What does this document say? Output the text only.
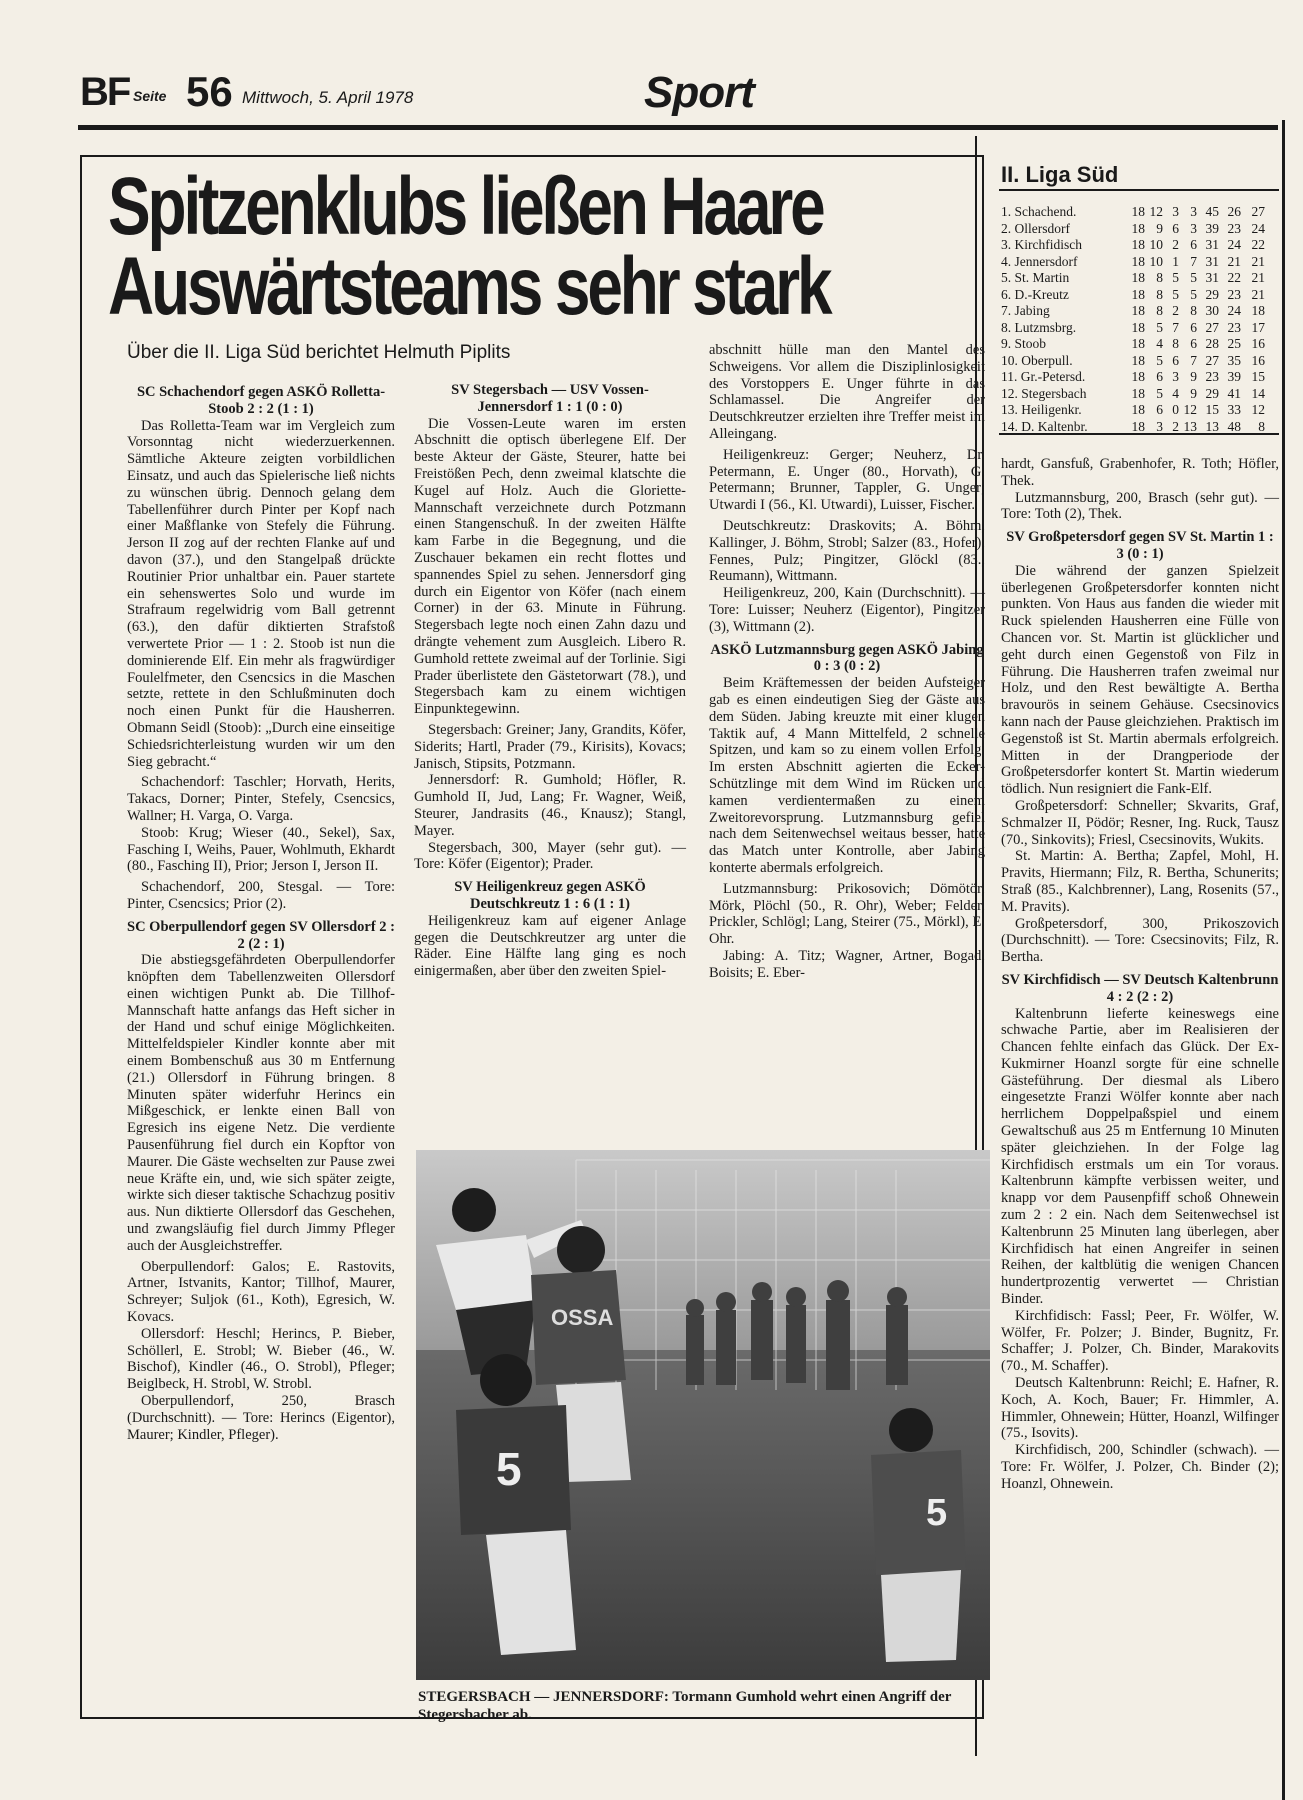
BF Seite 56 Mittwoch, 5. April 1978	Sport
Spitzenklubs ließen Haare
Auswärtsteams sehr stark
Über die II. Liga Süd berichtet Helmuth Piplits

SC Schachendorf gegen ASKÖ Rolletta-Stoob 2 : 2 (1 : 1)

Das Rolletta-Team war im Vergleich zum Vorsonntag nicht wiederzuerkennen. Sämtliche Akteure zeigten vorbildlichen Einsatz, und auch das Spielerische ließ nichts zu wünschen übrig. Dennoch gelang dem Tabellenführer durch Pinter per Kopf nach einer Maßflanke von Stefely die Führung. Jerson II zog auf der rechten Flanke auf und davon (37.), und den Stangelpaß drückte Routinier Prior unhaltbar ein. Pauer startete ein sehenswertes Solo und wurde im Strafraum regelwidrig vom Ball getrennt (63.), den dafür diktierten Strafstoß verwertete Prior — 1 : 2. Stoob ist nun die dominierende Elf. Ein mehr als fragwürdiger Foulelfmeter, den Csencsics in die Maschen setzte, rettete in den Schlußminuten doch noch einen Punkt für die Hausherren. Obmann Seidl (Stoob): „Durch eine einseitige Schiedsrichterleistung wurden wir um den Sieg gebracht.“

Schachendorf: Taschler; Horvath, Herits, Takacs, Dorner; Pinter, Stefely, Csencsics, Wallner; H. Varga, O. Varga.

Stoob: Krug; Wieser (40., Sekel), Sax, Fasching I, Weihs, Pauer, Wohlmuth, Ekhardt (80., Fasching II), Prior; Jerson I, Jerson II.

Schachendorf, 200, Stesgal. — Tore: Pinter, Csencsics; Prior (2).

SC Oberpullendorf gegen SV Ollersdorf 2 : 2 (2 : 1)

Die abstiegsgefährdeten Oberpullendorfer knöpften dem Tabellenzweiten Ollersdorf einen wichtigen Punkt ab. Die Tillhof-Mannschaft hatte anfangs das Heft sicher in der Hand und schuf einige Möglichkeiten. Mittelfeldspieler Kindler konnte aber mit einem Bombenschuß aus 30 m Entfernung (21.) Ollersdorf in Führung bringen. 8 Minuten später widerfuhr Herincs ein Mißgeschick, er lenkte einen Ball von Egresich ins eigene Netz. Die verdiente Pausenführung fiel durch ein Kopftor von Maurer. Die Gäste wechselten zur Pause zwei neue Kräfte ein, und, wie sich später zeigte, wirkte sich dieser taktische Schachzug positiv aus. Nun diktierte Ollersdorf das Geschehen, und zwangsläufig fiel durch Jimmy Pfleger auch der Ausgleichstreffer.

Oberpullendorf: Galos; E. Rastovits, Artner, Istvanits, Kantor; Tillhof, Maurer, Schreyer; Suljok (61., Koth), Egresich, W. Kovacs.

Ollersdorf: Heschl; Herincs, P. Bieber, Schöllerl, E. Strobl; W. Bieber (46., W. Bischof), Kindler (46., O. Strobl), Pfleger; Beiglbeck, H. Strobl, W. Strobl.

Oberpullendorf, 250, Brasch (Durchschnitt). — Tore: Herincs (Eigentor), Maurer; Kindler, Pfleger).

SV Stegersbach — USV Vossen-Jennersdorf 1 : 1 (0 : 0)

Die Vossen-Leute waren im ersten Abschnitt die optisch überlegene Elf. Der beste Akteur der Gäste, Steurer, hatte bei Freistößen Pech, denn zweimal klatschte die Kugel auf Holz. Auch die Gloriette-Mannschaft verzeichnete durch Potzmann einen Stangenschuß. In der zweiten Hälfte kam Farbe in die Begegnung, und die Zuschauer bekamen ein recht flottes und spannendes Spiel zu sehen. Jennersdorf ging durch ein Eigentor von Köfer (nach einem Corner) in der 63. Minute in Führung. Stegersbach legte noch einen Zahn dazu und drängte vehement zum Ausgleich. Libero R. Gumhold rettete zweimal auf der Torlinie. Sigi Prader überlistete den Gästetorwart (78.), und Stegersbach kam zu einem wichtigen Einpunktegewinn.

Stegersbach: Greiner; Jany, Grandits, Köfer, Siderits; Hartl, Prader (79., Kirisits), Kovacs; Janisch, Stipsits, Potzmann.

Jennersdorf: R. Gumhold; Höfler, R. Gumhold II, Jud, Lang; Fr. Wagner, Weiß, Steurer, Jandrasits (46., Knausz); Stangl, Mayer.

Stegersbach, 300, Mayer (sehr gut). — Tore: Köfer (Eigentor); Prader.

SV Heiligenkreuz gegen ASKÖ Deutschkreutz 1 : 6 (1 : 1)

Heiligenkreuz kam auf eigener Anlage gegen die Deutschkreutzer arg unter die Räder. Eine Hälfte lang ging es noch einigermaßen, aber über den zweiten Spiel-

abschnitt hülle man den Mantel des Schweigens. Vor allem die Disziplinlosigkeit des Vorstoppers E. Unger führte in das Schlamassel. Die Angreifer der Deutschkreutzer erzielten ihre Treffer meist im Alleingang.

Heiligenkreuz: Gerger; Neuherz, Dr. Petermann, E. Unger (80., Horvath), G. Petermann; Brunner, Tappler, G. Unger; Utwardi I (56., Kl. Utwardi), Luisser, Fischer.

Deutschkreutz: Draskovits; A. Böhm, Kallinger, J. Böhm, Strobl; Salzer (83., Hofer), Fennes, Pulz; Pingitzer, Glöckl (83., Reumann), Wittmann.

Heiligenkreuz, 200, Kain (Durchschnitt). — Tore: Luisser; Neuherz (Eigentor), Pingitzer (3), Wittmann (2).

ASKÖ Lutzmannsburg gegen ASKÖ Jabing 0 : 3 (0 : 2)

Beim Kräftemessen der beiden Aufsteiger gab es einen eindeutigen Sieg der Gäste aus dem Süden. Jabing kreuzte mit einer klugen Taktik auf, 4 Mann Mittelfeld, 2 schnelle Spitzen, und kam so zu einem vollen Erfolg. Im ersten Abschnitt agierten die Ecker-Schützlinge mit dem Wind im Rücken und kamen verdientermaßen zu einem Zweitorevorsprung. Lutzmannsburg gefiel nach dem Seitenwechsel weitaus besser, hatte das Match unter Kontrolle, aber Jabing konterte abermals erfolgreich.

Lutzmannsburg: Prikosovich; Dömötör, Mörk, Plöchl (50., R. Ohr), Weber; Felder, Prickler, Schlögl; Lang, Steirer (75., Mörkl), E. Ohr.

Jabing: A. Titz; Wagner, Artner, Bogad, Boisits; E. Eber-

II. Liga Süd
1. Schachend.	18 12 3 3 45 26 27
2. Ollersdorf	18 9 6 3 39 23 24
3. Kirchfidisch	18 10 2 6 31 24 22
4. Jennersdorf	18 10 1 7 31 21 21
5. St. Martin	18 8 5 5 31 22 21
6. D.-Kreutz	18 8 5 5 29 23 21
7. Jabing	18 8 2 8 30 24 18
8. Lutzmsbrg.	18 5 7 6 27 23 17
9. Stoob	18 4 8 6 28 25 16
10. Oberpull.	18 5 6 7 27 35 16
11. Gr.-Petersd.	18 6 3 9 23 39 15
12. Stegersbach	18 5 4 9 29 41 14
13. Heiligenkr.	18 6 0 12 15 33 12
14. D. Kaltenbr.	18 3 2 13 13 48	8

hardt, Gansfuß, Grabenhofer, R. Toth; Höfler, Thek.

Lutzmannsburg, 200, Brasch (sehr gut). — Tore: Toth (2), Thek.

SV Großpetersdorf gegen SV St. Martin 1 : 3 (0 : 1)

Die während der ganzen Spielzeit überlegenen Großpetersdorfer konnten nicht punkten. Von Haus aus fanden die wieder mit Ruck spielenden Hausherren eine Fülle von Chancen vor. St. Martin ist glücklicher und geht durch einen Gegenstoß von Filz in Führung. Die Hausherren trafen zweimal nur Holz, und den Rest bewältigte A. Bertha bravourös in seinem Gehäuse. Csecsinovics kann nach der Pause gleichziehen. Praktisch im Gegenstoß ist St. Martin abermals erfolgreich. Mitten in der Drangperiode der Großpetersdorfer kontert St. Martin wiederum tödlich. Nun resigniert die Fank-Elf.

Großpetersdorf: Schneller; Skvarits, Graf, Schmalzer II, Pödör; Resner, Ing. Ruck, Tausz (70., Sinkovits); Friesl, Csecsinovits, Wukits.

St. Martin: A. Bertha; Zapfel, Mohl, H. Pravits, Hiermann; Filz, R. Bertha, Schunerits; Straß (85., Kalchbrenner), Lang, Rosenits (57., M. Pravits).

Großpetersdorf, 300, Prikoszovich (Durchschnitt). — Tore: Csecsinovits; Filz, R. Bertha.

SV Kirchfidisch — SV Deutsch Kaltenbrunn 4 : 2 (2 : 2)

Kaltenbrunn lieferte keineswegs eine schwache Partie, aber im Realisieren der Chancen fehlte einfach das Glück. Der Ex-Kukmirner Hoanzl sorgte für eine schnelle Gästeführung. Der diesmal als Libero eingesetzte Franzi Wölfer konnte aber nach herrlichem Doppelpaßspiel und einem Gewaltschuß aus 25 m Entfernung 10 Minuten später gleichziehen. In der Folge lag Kirchfidisch erstmals um ein Tor voraus. Kaltenbrunn kämpfte verbissen weiter, und knapp vor dem Pausenpfiff schoß Ohnewein zum 2 : 2 ein. Nach dem Seitenwechsel ist Kaltenbrunn 25 Minuten lang überlegen, aber Kirchfidisch hat einen Angreifer in seinen Reihen, der kaltblütig die wenigen Chancen hundertprozentig verwertet — Christian Binder.

Kirchfidisch: Fassl; Peer, Fr. Wölfer, W. Wölfer, Fr. Polzer; J. Binder, Bugnitz, Fr. Schaffer; J. Polzer, Ch. Binder, Marakovits (70., M. Schaffer).

Deutsch Kaltenbrunn: Reichl; E. Hafner, R. Koch, A. Koch, Bauer; Fr. Himmler, A. Himmler, Ohnewein; Hütter, Hoanzl, Wilfinger (75., Isovits).

Kirchfidisch, 200, Schindler (schwach). — Tore: Fr. Wölfer, J. Polzer, Ch. Binder (2); Hoanzl, Ohnewein.

OSSA
5
5
STEGERSBACH — JENNERSDORF: Tormann Gumhold wehrt einen Angriff der Stegersbacher ab.
